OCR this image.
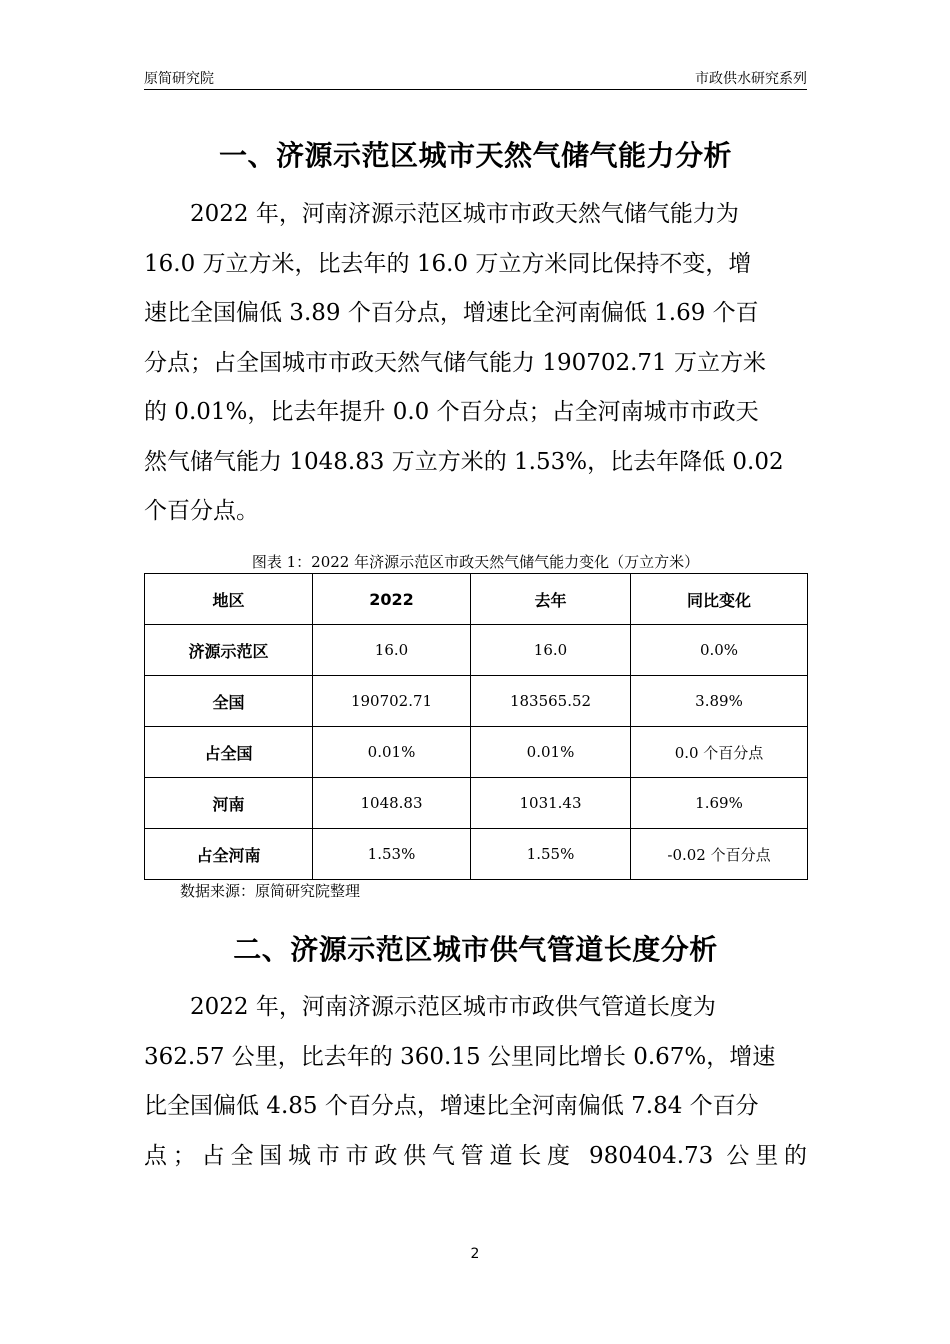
原简研究院	市政供水研究系列
一、济源示范区城市天然气储气能力分析
2022 年，河南济源示范区城市市政天然气储气能力为
16.0 万立方米，比去年的 16.0 万立方米同比保持不变，增
速比全国偏低 3.89 个百分点，增速比全河南偏低 1.69 个百
分点；占全国城市市政天然气储气能力 190702.71 万立方米
的 0.01%，比去年提升 0.0 个百分点；占全河南城市市政天
然气储气能力 1048.83 万立方米的 1.53%，比去年降低 0.02
个百分点。
图表 1：2022 年济源示范区市政天然气储气能力变化（万立方米）
地区	2022	去年	同比变化
济源示范区	16.0	16.0	0.0%
全国	190702.71	183565.52	3.89%
占全国	0.01%	0.01%	0.0 个百分点
河南	1048.83	1031.43	1.69%
占全河南	1.53%	1.55%	-0.02 个百分点
数据来源：原简研究院整理
二、济源示范区城市供气管道长度分析
2022 年，河南济源示范区城市市政供气管道长度为
362.57 公里，比去年的 360.15 公里同比增长 0.67%，增速
比全国偏低 4.85 个百分点，增速比全河南偏低 7.84 个百分
点；占全国城市市政供气管道长度 980404.73 公里的
2
